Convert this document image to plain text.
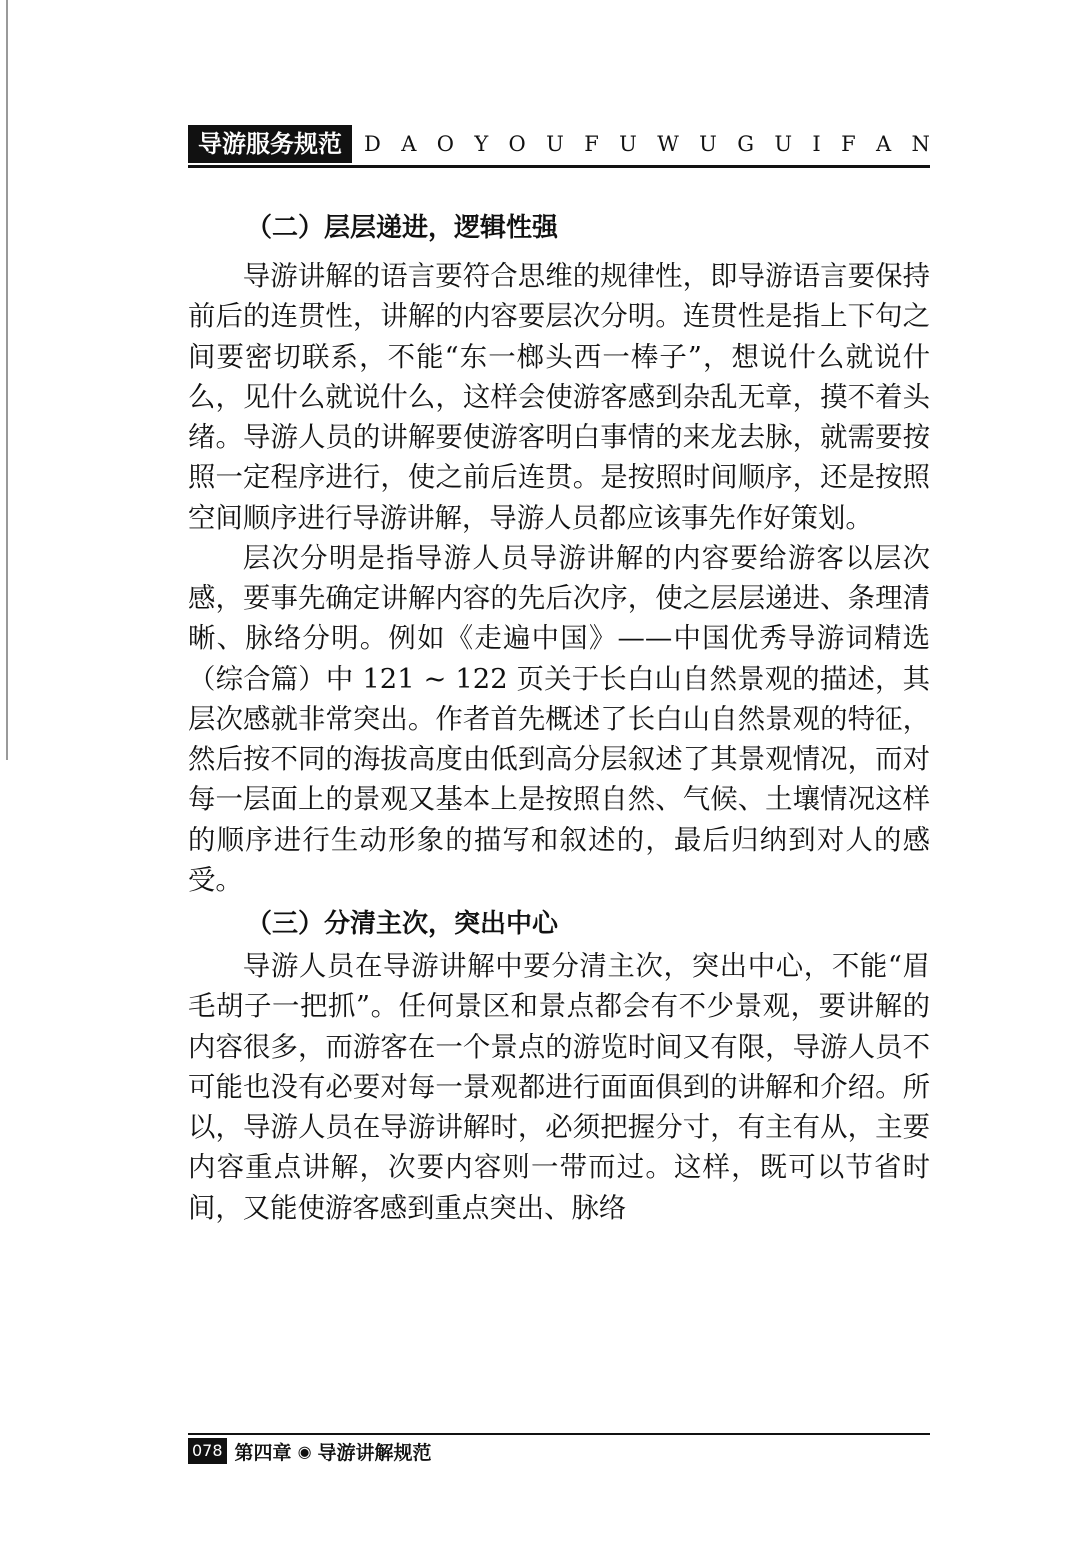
导游服务规范	D A O Y O U F U W U G U I F A N
（二）层层递进，逻辑性强

导游讲解的语言要符合思维的规律性，即导游语言要保持前后的连贯性，讲解的内容要层次分明。连贯性是指上下句之间要密切联系，不能“东一榔头西一棒子”，想说什么就说什么，见什么就说什么，这样会使游客感到杂乱无章，摸不着头绪。导游人员的讲解要使游客明白事情的来龙去脉，就需要按照一定程序进行，使之前后连贯。是按照时间顺序，还是按照空间顺序进行导游讲解，导游人员都应该事先作好策划。

层次分明是指导游人员导游讲解的内容要给游客以层次感，要事先确定讲解内容的先后次序，使之层层递进、条理清晰、脉络分明。例如《走遍中国》——中国优秀导游词精选（综合篇）中 121 ~ 122 页关于长白山自然景观的描述，其层次感就非常突出。作者首先概述了长白山自然景观的特征，然后按不同的海拔高度由低到高分层叙述了其景观情况，而对每一层面上的景观又基本上是按照自然、气候、土壤情况这样的顺序进行生动形象的描写和叙述的，最后归纳到对人的感受。

（三）分清主次，突出中心

导游人员在导游讲解中要分清主次，突出中心，不能“眉毛胡子一把抓”。任何景区和景点都会有不少景观，要讲解的内容很多，而游客在一个景点的游览时间又有限，导游人员不可能也没有必要对每一景观都进行面面俱到的讲解和介绍。所以，导游人员在导游讲解时，必须把握分寸，有主有从，主要内容重点讲解，次要内容则一带而过。这样，既可以节省时间，又能使游客感到重点突出、脉络

078 第四章 ◉ 导游讲解规范
